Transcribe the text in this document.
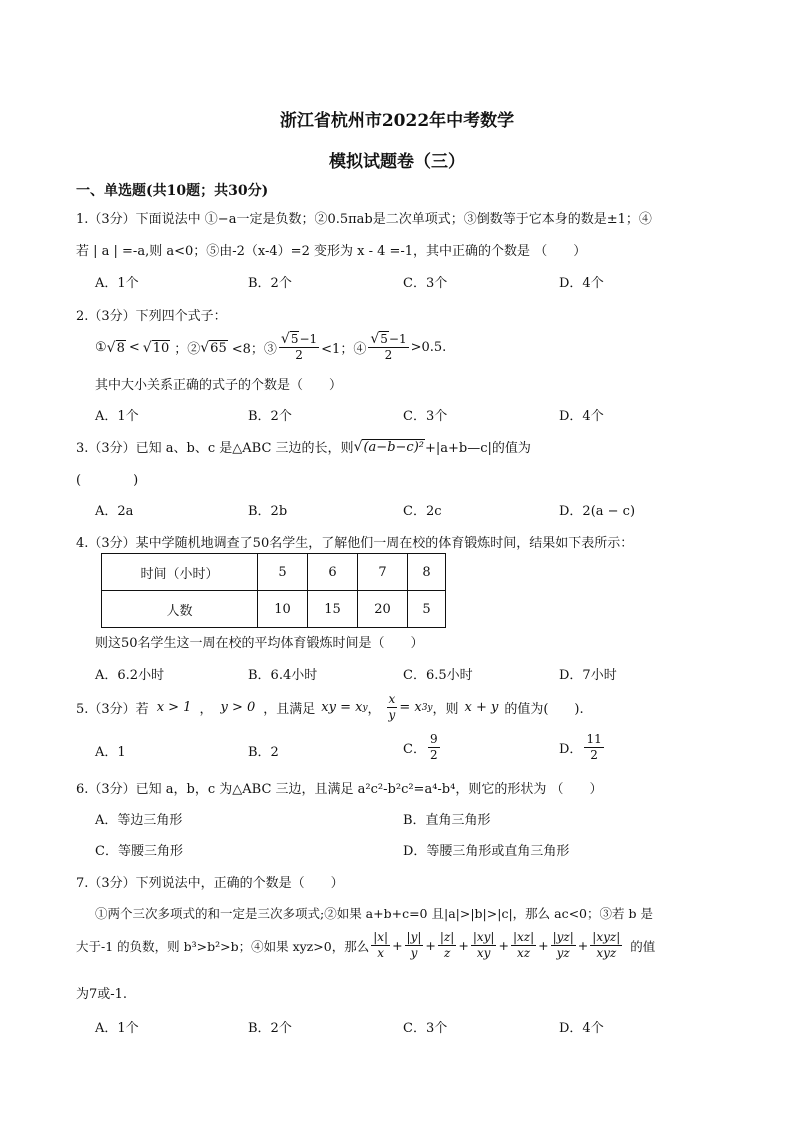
浙江省杭州市2022年中考数学
模拟试题卷（三）
一、单选题(共10题；共30分)
1.（3分）下面说法中 ①−a一定是负数；②0.5πab是二次单项式；③倒数等于它本身的数是±1；④
若 | a | =-a,则 a<0；⑤由-2（x-4）=2 变形为 x - 4 =-1，其中正确的个数是 （　　）
A．1个	B．2个	C．3个	D．4个
2.（3分）下列四个式子：
① √ 8 < √ 10 ；② √ 65 <8；③ $\frac{√5-1}{2} <1$；④ $\frac{√5-1}{2} >0.5$.
其中大小关系正确的式子的个数是（　　）
A．1个	B．2个	C．3个	D．4个
3.（3分）已知 a、b、c 是△ABC 三边的长，则 √ (a−b−c)² +|a+b—c|的值为
(　　　　)
A．2a	B．2b	C．2c	D．2(a − c)
4.（3分）某中学随机地调查了50名学生，了解他们一周在校的体育锻炼时间，结果如下表所示：
时间（小时）	5	6	7	8
人数	10	15	20	5
则这50名学生这一周在校的平均体育锻炼时间是（　　）
A．6.2小时	B．6.4小时	C．6.5小时	D．7小时
5.（3分）若 x > 1 ， y > 0 ，且满足 xy = x y ， $\frac{x}{y} = x$ 3y ，则 x + y 的值为(　　).
A．1	B．2	C． $\frac{9}{2}$	D． $\frac{11}{2}$
6.（3分）已知 a，b，c 为△ABC 三边，且满足 a²c²-b²c²=a⁴-b⁴，则它的形状为 （　　）
A．等边三角形	B．直角三角形
C．等腰三角形	D．等腰三角形或直角三角形
7.（3分）下列说法中，正确的个数是（　　）
①两个三次多项式的和一定是三次多项式;②如果 a+b+c=0 且|a|>|b|>|c|，那么 ac<0；③若 b 是
大于-1 的负数，则 b³>b²>b；④如果 xyz>0，那么 $\frac{|x|}{x} + \frac{|y|}{y} + \frac{|z|}{z} + \frac{|xy|}{xy} + \frac{|xz|}{xz} + \frac{|yz|}{yz} + \frac{\text{|xyz|}}{\text{xyz}}$ 的值
为7或-1.
A．1个	B．2个	C．3个	D．4个
